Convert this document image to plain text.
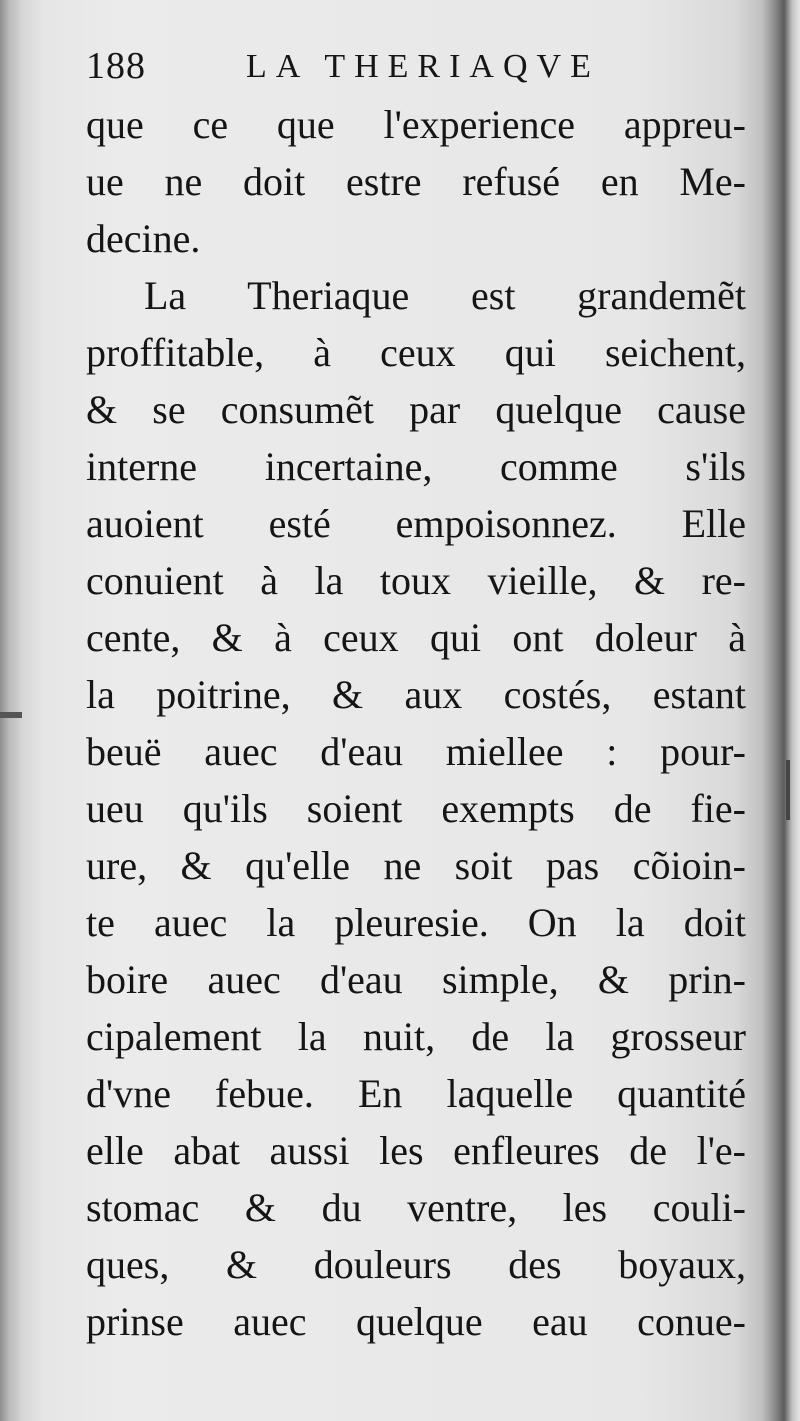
188	LA THERIAQVE
que ce que l'experience appreu-
ue ne doit estre refusé en Me-
decine.
La Theriaque est grandemẽt
proffitable, à ceux qui seichent,
& se consumẽt par quelque cause
interne incertaine, comme s'ils
auoient esté empoisonnez. Elle
conuient à la toux vieille, & re-
cente, & à ceux qui ont doleur à
la poitrine, & aux costés, estant
beuë auec d'eau miellee : pour-
ueu qu'ils soient exempts de fie-
ure, & qu'elle ne soit pas cõioin-
te auec la pleuresie. On la doit
boire auec d'eau simple, & prin-
cipalement la nuit, de la grosseur
d'vne febue. En laquelle quantité
elle abat aussi les enfleures de l'e-
stomac & du ventre, les couli-
ques, & douleurs des boyaux,
prinse auec quelque eau conue-
